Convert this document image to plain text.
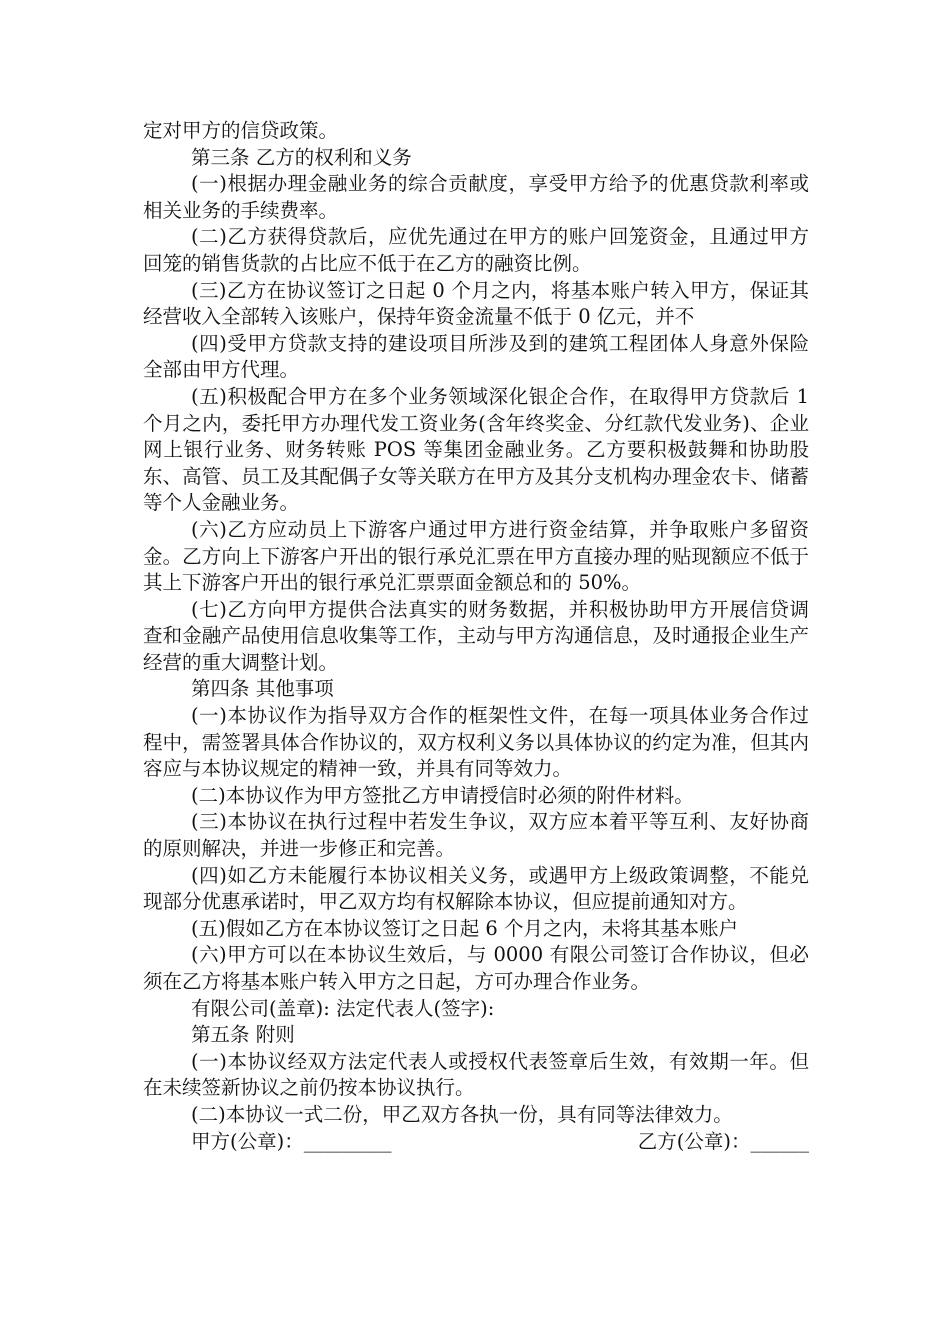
定对甲方的信贷政策。

第三条 乙方的权利和义务

(一)根据办理金融业务的综合贡献度，享受甲方给予的优惠贷款利率或相关业务的手续费率。

(二)乙方获得贷款后，应优先通过在甲方的账户回笼资金，且通过甲方回笼的销售货款的占比应不低于在乙方的融资比例。

(三)乙方在协议签订之日起 0 个月之内，将基本账户转入甲方，保证其经营收入全部转入该账户，保持年资金流量不低于 0 亿元，并不

(四)受甲方贷款支持的建设项目所涉及到的建筑工程团体人身意外保险全部由甲方代理。

(五)积极配合甲方在多个业务领域深化银企合作，在取得甲方贷款后 1 个月之内，委托甲方办理代发工资业务(含年终奖金、分红款代发业务)、企业网上银行业务、财务转账 POS 等集团金融业务。乙方要积极鼓舞和协助股东、高管、员工及其配偶子女等关联方在甲方及其分支机构办理金农卡、储蓄等个人金融业务。

(六)乙方应动员上下游客户通过甲方进行资金结算，并争取账户多留资金。乙方向上下游客户开出的银行承兑汇票在甲方直接办理的贴现额应不低于其上下游客户开出的银行承兑汇票票面金额总和的 50%。

(七)乙方向甲方提供合法真实的财务数据，并积极协助甲方开展信贷调查和金融产品使用信息收集等工作，主动与甲方沟通信息，及时通报企业生产经营的重大调整计划。

第四条 其他事项

(一)本协议作为指导双方合作的框架性文件，在每一项具体业务合作过程中，需签署具体合作协议的，双方权利义务以具体协议的约定为准，但其内容应与本协议规定的精神一致，并具有同等效力。

(二)本协议作为甲方签批乙方申请授信时必须的附件材料。

(三)本协议在执行过程中若发生争议，双方应本着平等互利、友好协商的原则解决，并进一步修正和完善。

(四)如乙方未能履行本协议相关义务，或遇甲方上级政策调整，不能兑现部分优惠承诺时，甲乙双方均有权解除本协议，但应提前通知对方。

(五)假如乙方在本协议签订之日起 6 个月之内，未将其基本账户

(六)甲方可以在本协议生效后，与 0000 有限公司签订合作协议，但必须在乙方将基本账户转入甲方之日起，方可办理合作业务。

有限公司(盖章): 法定代表人(签字):

第五条 附则

(一)本协议经双方法定代表人或授权代表签章后生效，有效期一年。但在未续签新协议之前仍按本协议执行。

(二)本协议一式二份，甲乙双方各执一份，具有同等法律效力。

甲方(公章)：_________	乙方(公章)：______
